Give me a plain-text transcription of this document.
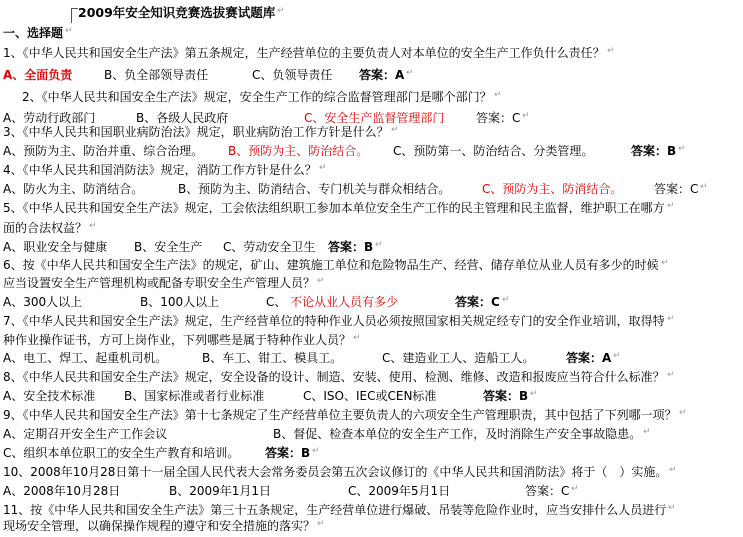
2009年安全知识竞赛选拔赛试题库 ↵
一、选择题 ↵
1、《中华人民共和国安全生产法》第五条规定，生产经营单位的主要负责人对本单位的安全生产工作负什么责任？ ↵
A、全面负责	B、负全部领导责任	C、负领导责任 答案：A ↵
2、《中华人民共和国安全生产法》规定，安全生产工作的综合监督管理部门是哪个部门？ ↵
A、劳动行政部门	B、各级人民政府	C、安全生产监督管理部门	答案：C ↵
3、《中华人民共和国职业病防治法》规定，职业病防治工作方针是什么？ ↵
A、预防为主、防治并重、综合治理。 B、预防为主、防治结合。 C、预防第一、防治结合、分类管理。	答案：B ↵
4、《中华人民共和国消防法》规定，消防工作方针是什么？ ↵
A、防火为主、防消结合。	B、预防为主、防消结合、专门机关与群众相结合。	C、预防为主、防消结合。	答案：C ↵
5、《中华人民共和国安全生产法》规定，工会依法组织职工参加本单位安全生产工作的民主管理和民主监督，维护职工在哪方 ↵
面的合法权益？ ↵
A、职业安全与健康 B、安全生产 C、劳动安全卫生 答案：B ↵
6、按《中华人民共和国安全生产法》的规定，矿山、建筑施工单位和危险物品生产、经营、储存单位从业人员有多少的时候 ↵
应当设置安全生产管理机构或配备专职安全生产管理人员？ ↵
A、300人以上	B、100人以上	C、 不论从业人员有多少	答案：C ↵
7、《中华人民共和国安全生产法》规定，生产经营单位的特种作业人员必须按照国家相关规定经专门的安全作业培训，取得特 ↵
种作业操作证书，方可上岗作业，下列哪些是属于特种作业人员？ ↵
A、电工、焊工、起重机司机。	B、车工、钳工、模具工。	C、建造业工人、造船工人。	答案：A ↵
8、《中华人民共和国安全生产法》规定，安全设备的设计、制造、安装、使用、检测、维修、改造和报废应当符合什么标准？ ↵
A、安全技术标准 B、国家标准或者行业标准	C、ISO、IEC或CEN标准	答案：B ↵
9、《中华人民共和国安全生产法》第十七条规定了生产经营单位主要负责人的六项安全生产管理职责，其中包括了下列哪一项？ ↵
A、定期召开安全生产工作会议	B、督促、检查本单位的安全生产工作，及时消除生产安全事故隐患。 ↵
C、组织本单位职工的安全生产教育和培训。 答案：B ↵
10、2008年10月28日第十一届全国人民代表大会常务委员会第五次会议修订的《中华人民共和国消防法》将于（　）实施。 ↵
A、2008年10月28日	B、2009年1月1日	C、2009年5月1日	答案：C ↵
11、按《中华人民共和国安全生产法》第三十五条规定，生产经营单位进行爆破、吊装等危险作业时，应当安排什么人员进行 ↵
现场安全管理，以确保操作规程的遵守和安全措施的落实？ ↵
